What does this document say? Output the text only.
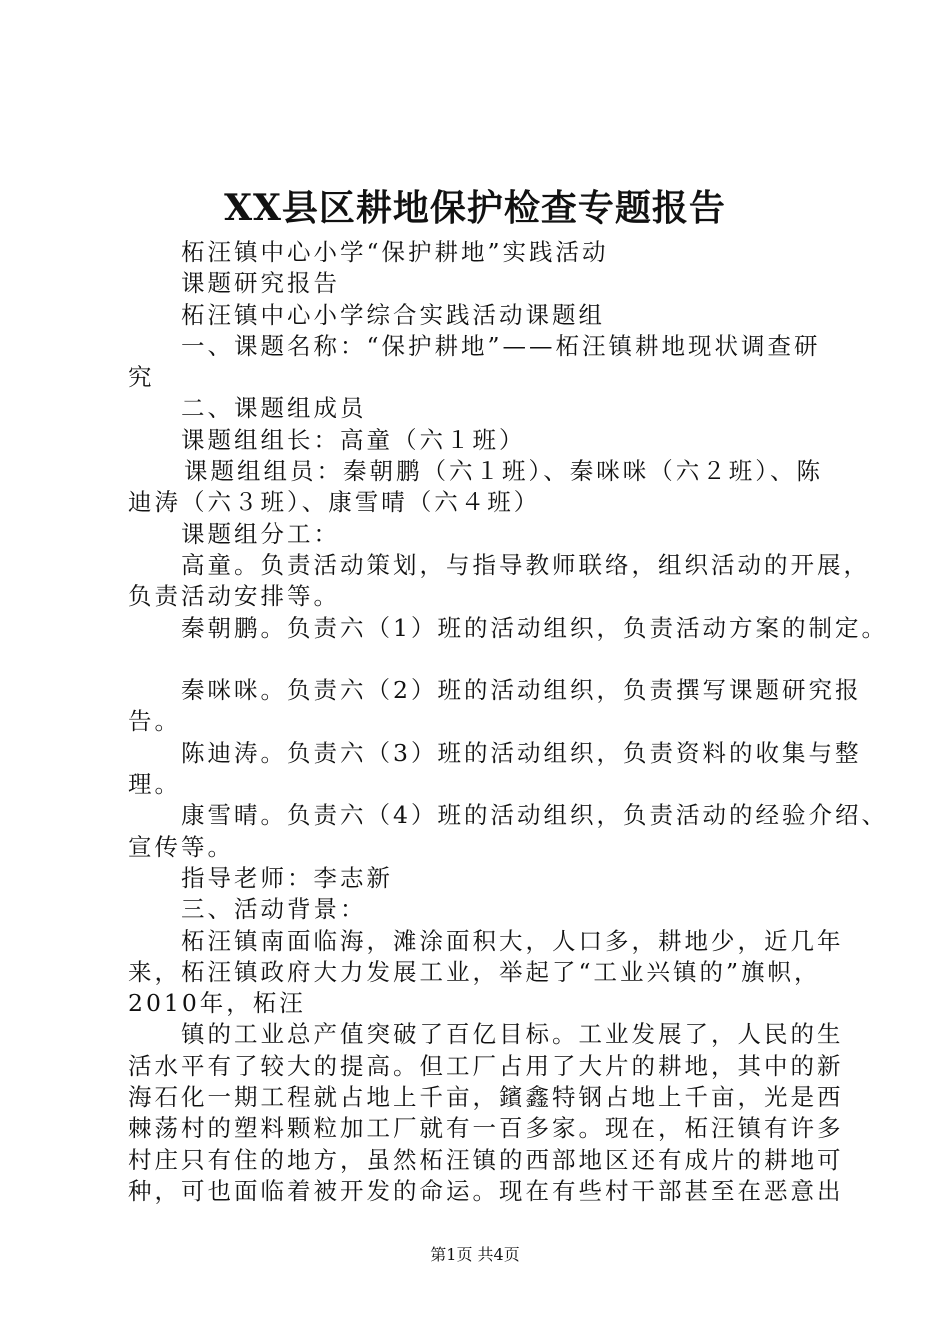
XX县区耕地保护检查专题报告

柘汪镇中心小学“保护耕地”实践活动

课题研究报告

柘汪镇中心小学综合实践活动课题组

一、课题名称：“保护耕地”——柘汪镇耕地现状调查研

究

二、课题组成员

课题组组长：高童（六１班）

课题组组员：秦朝鹏（六１班）、秦咪咪（六２班）、陈

迪涛（六３班）、康雪晴（六４班）

课题组分工：

高童。负责活动策划，与指导教师联络，组织活动的开展，

负责活动安排等。

秦朝鹏。负责六（1）班的活动组织，负责活动方案的制定。

秦咪咪。负责六（2）班的活动组织，负责撰写课题研究报

告。

陈迪涛。负责六（3）班的活动组织，负责资料的收集与整

理。

康雪晴。负责六（4）班的活动组织，负责活动的经验介绍、

宣传等。

指导老师：李志新

三、活动背景：

柘汪镇南面临海，滩涂面积大，人口多，耕地少，近几年

来，柘汪镇政府大力发展工业，举起了“工业兴镇的”旗帜，

2010年，柘汪

镇的工业总产值突破了百亿目标。工业发展了，人民的生

活水平有了较大的提高。但工厂占用了大片的耕地，其中的新

海石化一期工程就占地上千亩，鑌鑫特钢占地上千亩，光是西

棘荡村的塑料颗粒加工厂就有一百多家。现在，柘汪镇有许多

村庄只有住的地方，虽然柘汪镇的西部地区还有成片的耕地可

种，可也面临着被开发的命运。现在有些村干部甚至在恶意出

第1页 共4页
